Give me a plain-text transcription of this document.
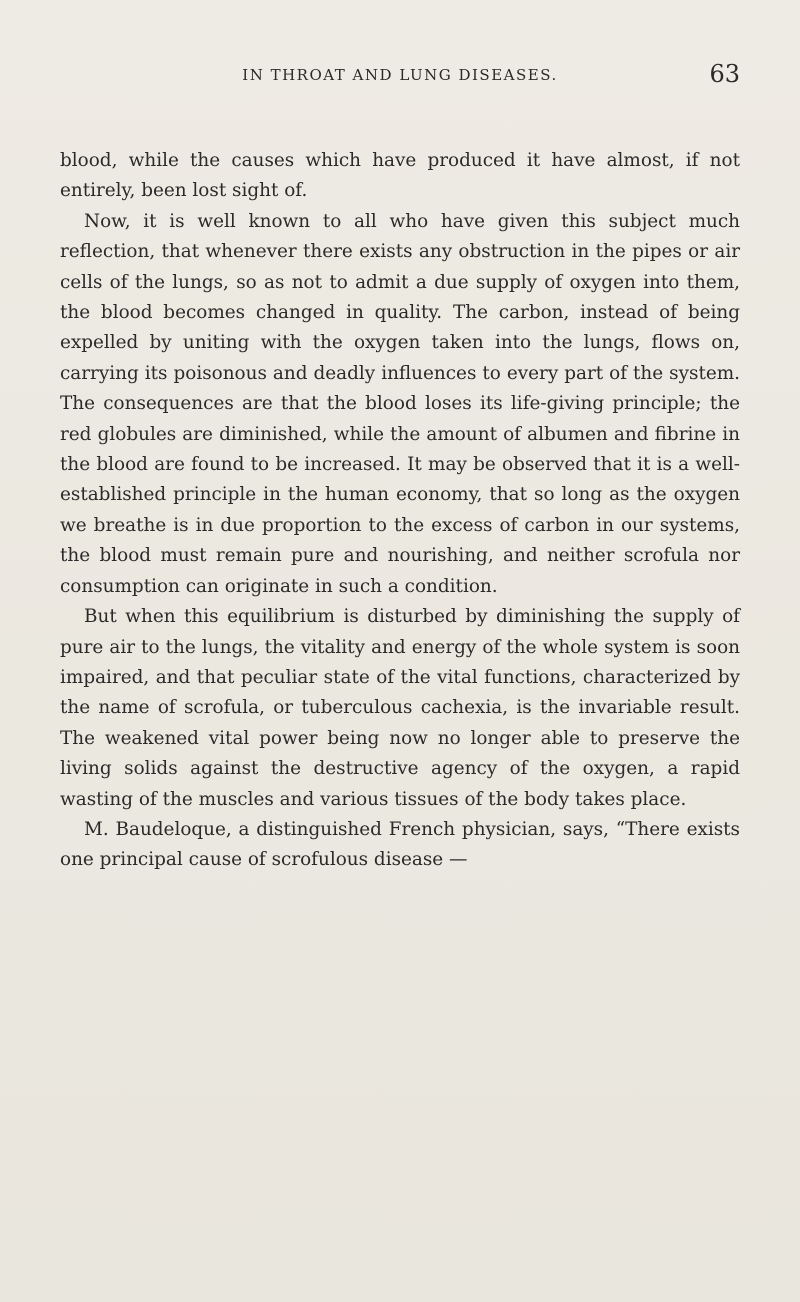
IN THROAT AND LUNG DISEASES.	63

blood, while the causes which have produced it have almost, if not entirely, been lost sight of.

Now, it is well known to all who have given this subject much reflection, that whenever there exists any obstruction in the pipes or air cells of the lungs, so as not to admit a due supply of oxygen into them, the blood becomes changed in quality. The carbon, instead of being expelled by uniting with the oxygen taken into the lungs, flows on, carrying its poisonous and deadly influences to every part of the system. The consequences are that the blood loses its life-giving principle; the red globules are diminished, while the amount of albumen and fibrine in the blood are found to be increased. It may be observed that it is a well-established principle in the human economy, that so long as the oxygen we breathe is in due proportion to the excess of carbon in our systems, the blood must remain pure and nourishing, and neither scrofula nor consumption can originate in such a condition.

But when this equilibrium is disturbed by diminishing the supply of pure air to the lungs, the vitality and energy of the whole system is soon impaired, and that peculiar state of the vital functions, characterized by the name of scrofula, or tuberculous cachexia, is the invariable result. The weakened vital power being now no longer able to preserve the living solids against the destructive agency of the oxygen, a rapid wasting of the muscles and various tissues of the body takes place.

M. Baudeloque, a distinguished French physician, says, “There exists one principal cause of scrofulous disease —
